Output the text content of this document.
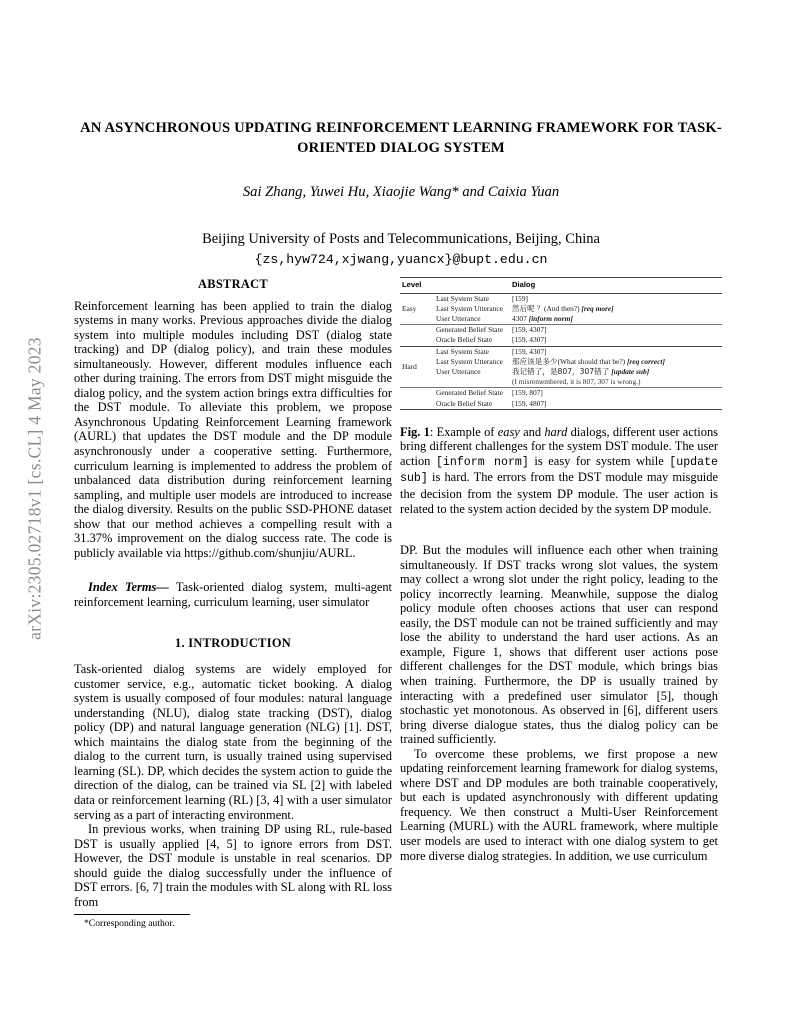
arXiv:2305.02718v1 [cs.CL] 4 May 2023
AN ASYNCHRONOUS UPDATING REINFORCEMENT LEARNING FRAMEWORK FOR TASK-ORIENTED DIALOG SYSTEM
Sai Zhang, Yuwei Hu, Xiaojie Wang* and Caixia Yuan
Beijing University of Posts and Telecommunications, Beijing, China
{zs,hyw724,xjwang,yuancx}@bupt.edu.cn
ABSTRACT

Reinforcement learning has been applied to train the dialog systems in many works. Previous approaches divide the dialog system into multiple modules including DST (dialog state tracking) and DP (dialog policy), and train these modules simultaneously. However, different modules influence each other during training. The errors from DST might misguide the dialog policy, and the system action brings extra difficulties for the DST module. To alleviate this problem, we propose Asynchronous Updating Reinforcement Learning framework (AURL) that updates the DST module and the DP module asynchronously under a cooperative setting. Furthermore, curriculum learning is implemented to address the problem of unbalanced data distribution during reinforcement learning sampling, and multiple user models are introduced to increase the dialog diversity. Results on the public SSD-PHONE dataset show that our method achieves a compelling result with a 31.37% improvement on the dialog success rate. The code is publicly available via https://github.com/shunjiu/AURL.

Index Terms— Task-oriented dialog system, multi-agent reinforcement learning, curriculum learning, user simulator

1. INTRODUCTION

Task-oriented dialog systems are widely employed for customer service, e.g., automatic ticket booking. A dialog system is usually composed of four modules: natural language understanding (NLU), dialog state tracking (DST), dialog policy (DP) and natural language generation (NLG) [1]. DST, which maintains the dialog state from the beginning of the dialog to the current turn, is usually trained using supervised learning (SL). DP, which decides the system action to guide the direction of the dialog, can be trained via SL [2] with labeled data or reinforcement learning (RL) [3, 4] with a user simulator serving as a part of interacting environment.

In previous works, when training DP using RL, rule-based DST is usually applied [4, 5] to ignore errors from DST. However, the DST module is unstable in real scenarios. DP should guide the dialog successfully under the influence of DST errors. [6, 7] train the modules with SL along with RL loss from

Level		Dialog
Easy	Last System State	[159]
	Last System Utterance	然后呢 ？(And then?) [req more]
	User Utterance	4307 [inform norm]
	Generated Belief State	[159, 4307]
	Oracle Belief State	[159, 4307]
Hard	Last System State	[159, 4307]
	Last System Utterance	那应该是多少(What should that be?) [req correct]
	User Utterance	我记错了，是807，307错了 [update sub]
(I misremembered, it is 807, 307 is wrong.)

	Generated Belief State	[159, 807]
	Oracle Belief State	[159, 4807]

Fig. 1: Example of easy and hard dialogs, different user actions bring different challenges for the system DST module. The user action [inform norm] is easy for system while [update sub] is hard. The errors from the DST module may misguide the decision from the system DP module. The user action is related to the system action decided by the system DP module.

DP. But the modules will influence each other when training simultaneously. If DST tracks wrong slot values, the system may collect a wrong slot under the right policy, leading to the policy incorrectly learning. Meanwhile, suppose the dialog policy module often chooses actions that user can respond easily, the DST module can not be trained sufficiently and may lose the ability to understand the hard user actions. As an example, Figure 1, shows that different user actions pose different challenges for the DST module, which brings bias when training. Furthermore, the DP is usually trained by interacting with a predefined user simulator [5], though stochastic yet monotonous. As observed in [6], different users bring diverse dialogue states, thus the dialog policy can be trained sufficiently.

To overcome these problems, we first propose a new updating reinforcement learning framework for dialog systems, where DST and DP modules are both trainable cooperatively, but each is updated asynchronously with different updating frequency. We then construct a Multi-User Reinforcement Learning (MURL) with the AURL framework, where multiple user models are used to interact with one dialog system to get more diverse dialog strategies. In addition, we use curriculum

*Corresponding author.
